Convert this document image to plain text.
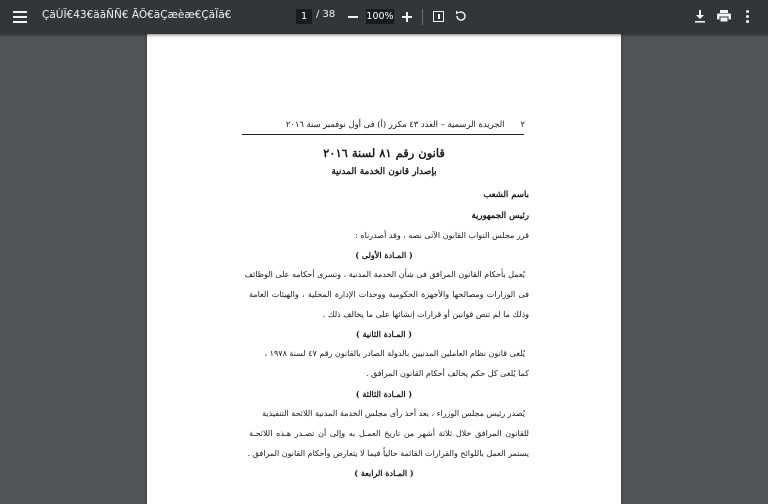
ÇäÙÏ€43€äãÑÑ€ ÃÖ€äÇæèæ€ÇäÏä€	1 / 38	100%
٢      الجريدة الرسمية – العدد ٤٣ مكرر (أ) فى أول نوفمبر سنة ٢٠١٦
قانون رقم ٨١ لسنة ٢٠١٦
بإصدار قانون الخدمة المدنية
باسم الشعب
رئيس الجمهورية
قرر مجلس النواب القانون الآتى نصه ، وقد أصدرناه :
( المـادة الأولى )
يُعمل بأحكام القانون المرافق فى شأن الخدمة المدنية ، وتسرى أحكامه على الوظائف
فى الوزارات ومصالحها والأجهزة الحكومية ووحدات الإدارة المحلية ، والهيئات العامة
وذلك ما لم تنص قوانين أو قرارات إنشائها على ما يخالف ذلك .
( المـادة الثانية )
يُلغى قانون نظام العاملين المدنيين بالدولة الصادر بالقانون رقم ٤٧ لسنة ١٩٧٨ ،
كما يُلغى كل حكم يخالف أحكام القانون المرافق .
( المـادة الثالثة )
يُصدر رئيس مجلس الوزراء ، بعد أخذ رأى مجلس الخدمة المدنية اللائحة التنفيذية
للقانون المرافق خلال ثلاثة أشهر من تاريخ العمـل به وإلى أن تصـدر هـذه اللائحـة
يستمر العمل باللوائح والقرارات القائمة حالياً فيما لا يتعارض وأحكام القانون المرافق .
( المـادة الرابعة )
